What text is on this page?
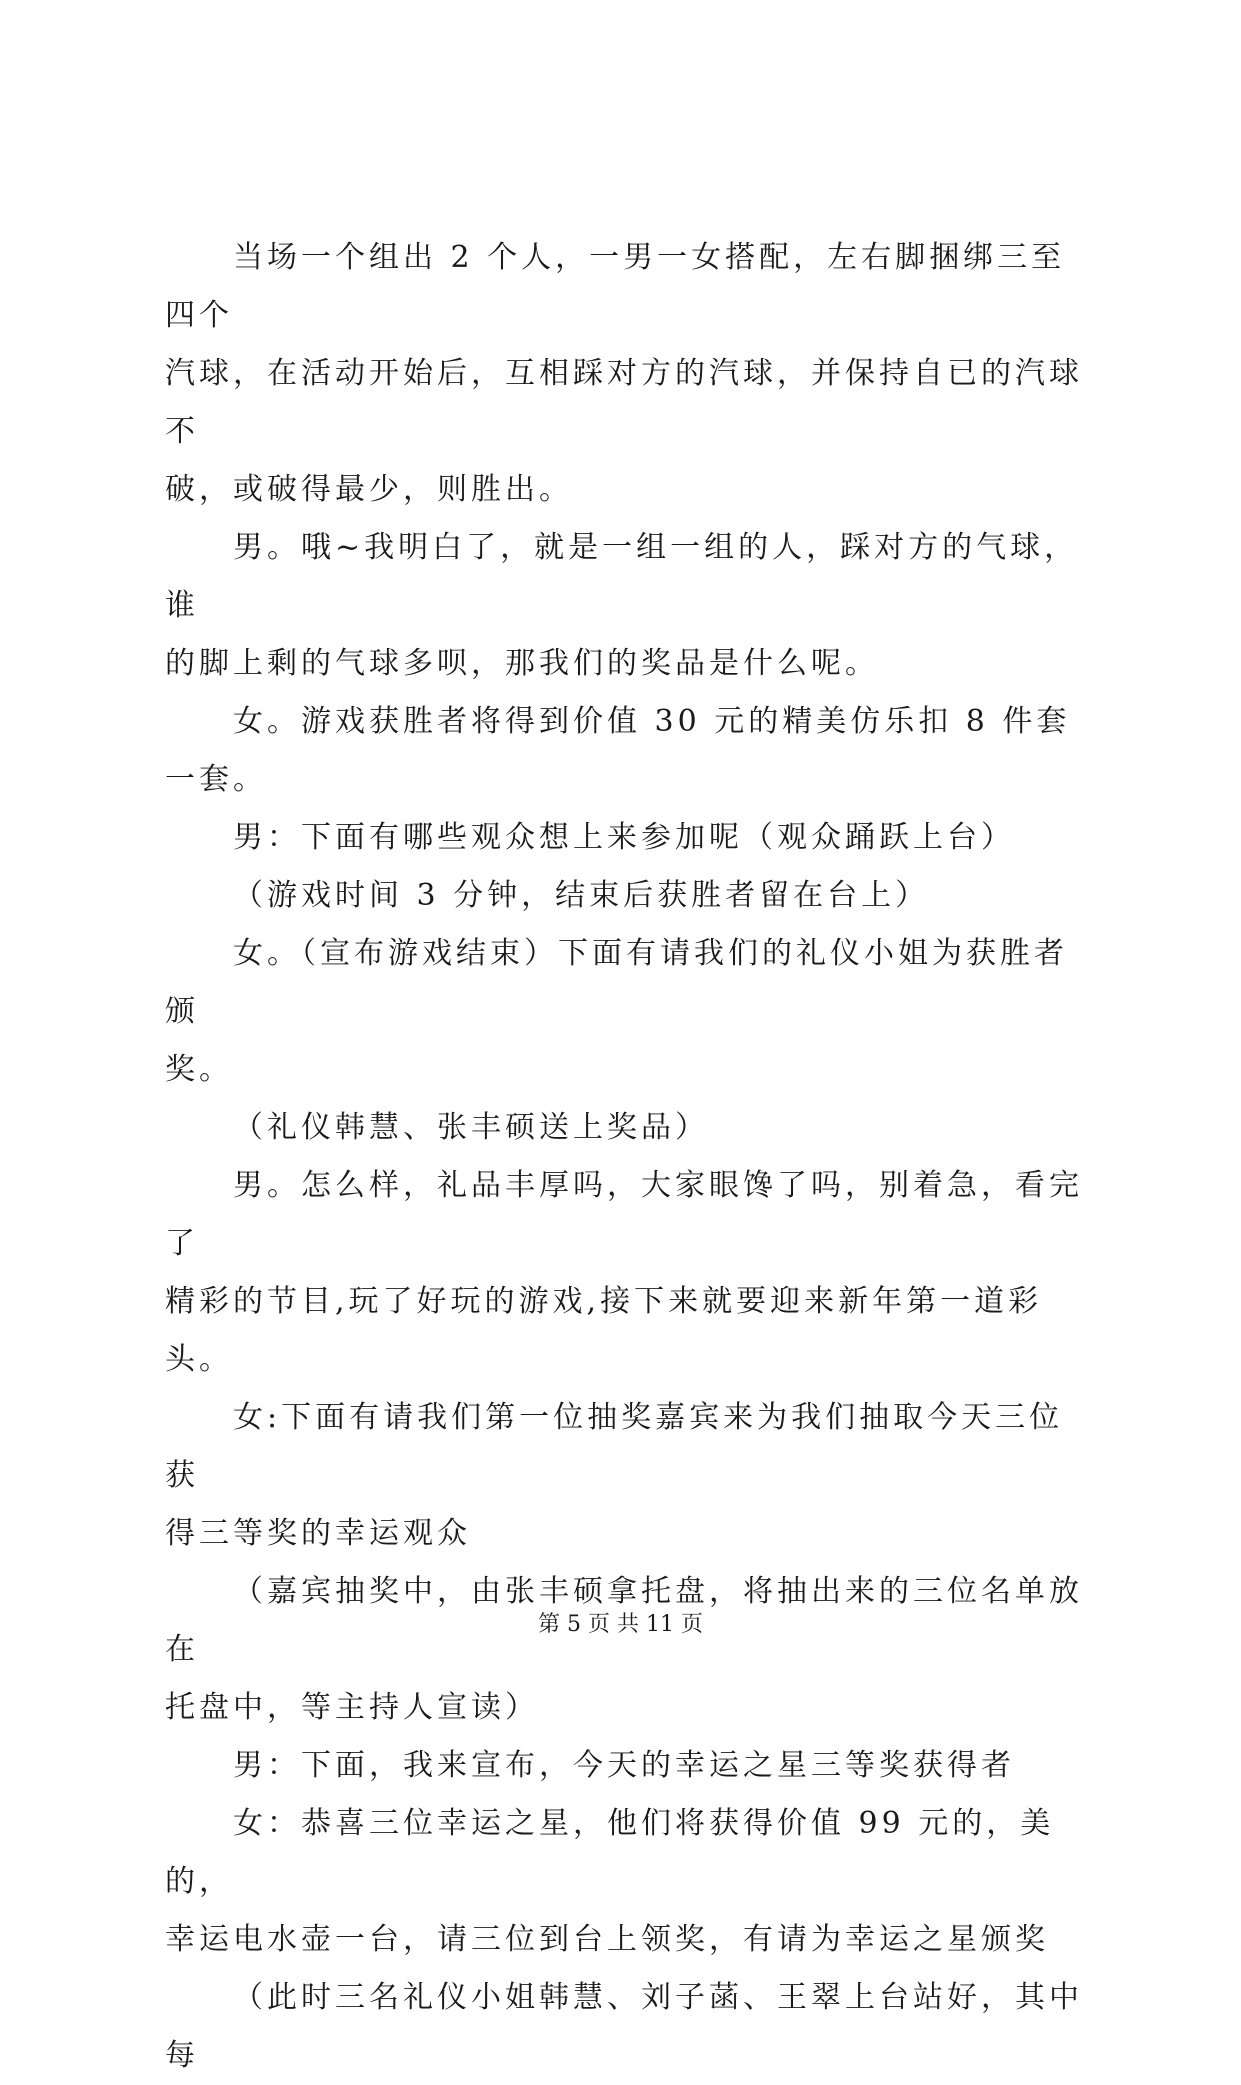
当场一个组出 2 个人，一男一女搭配，左右脚捆绑三至四个
汽球，在活动开始后，互相踩对方的汽球，并保持自已的汽球不
破，或破得最少，则胜出。

男。哦~我明白了，就是一组一组的人，踩对方的气球，谁
的脚上剩的气球多呗，那我们的奖品是什么呢。

女。游戏获胜者将得到价值 30 元的精美仿乐扣 8 件套一套。

男：下面有哪些观众想上来参加呢（观众踊跃上台）

（游戏时间 3 分钟，结束后获胜者留在台上）

女。（宣布游戏结束）下面有请我们的礼仪小姐为获胜者颁
奖。

（礼仪韩慧、张丰硕送上奖品）

男。怎么样，礼品丰厚吗，大家眼馋了吗，别着急，看完了
精彩的节目,玩了好玩的游戏,接下来就要迎来新年第一道彩头。

女:下面有请我们第一位抽奖嘉宾来为我们抽取今天三位获
得三等奖的幸运观众

（嘉宾抽奖中，由张丰硕拿托盘，将抽出来的三位名单放在
托盘中，等主持人宣读）

男：下面，我来宣布，今天的幸运之星三等奖获得者

女：恭喜三位幸运之星，他们将获得价值 99 元的，美的，
幸运电水壶一台，请三位到台上领奖，有请为幸运之星颁奖

（此时三名礼仪小姐韩慧、刘子菡、王翠上台站好，其中每

第 5 页 共 11 页
